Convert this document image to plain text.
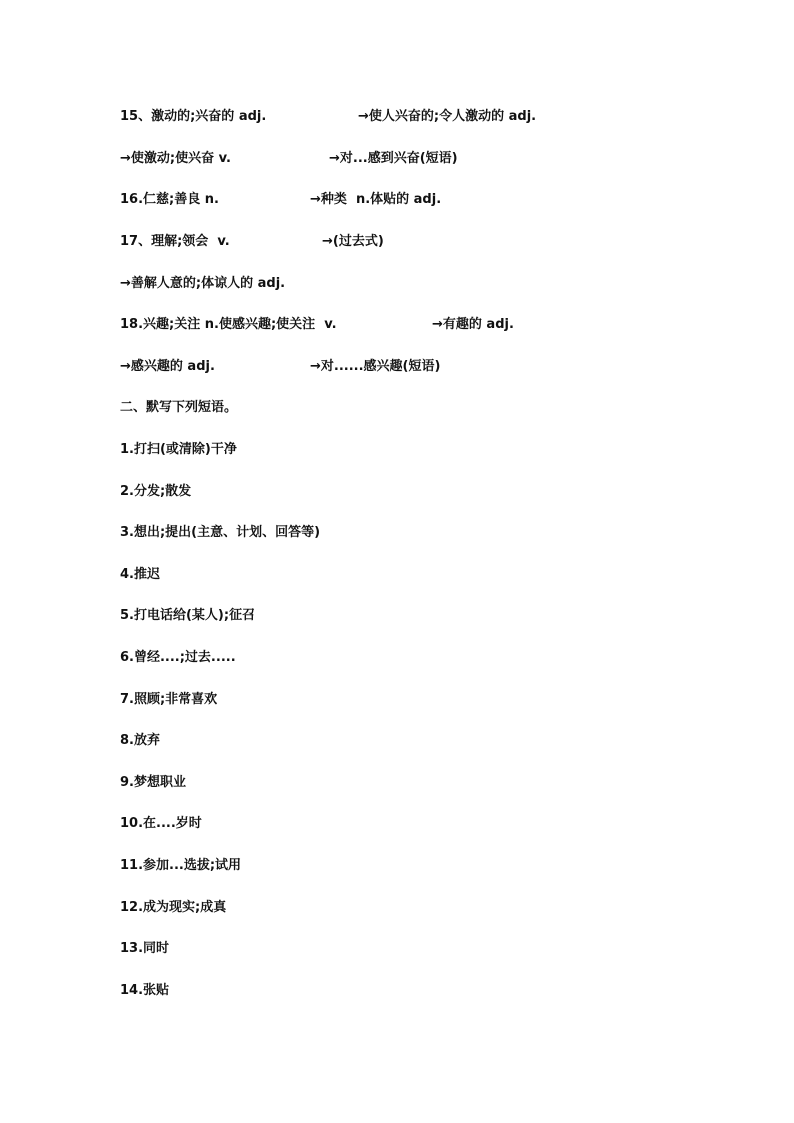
15、激动的;兴奋的 adj.

	→使人兴奋的;令人激动的 adj.

→使激动;使兴奋 v.

	→对...感到兴奋(短语)

16.仁慈;善良 n.

	→种类  n.体贴的 adj.

17、理解;领会  v.

	→(过去式)

→善解人意的;体谅人的 adj.

18.兴趣;关注 n.使感兴趣;使关注  v.

	→有趣的 adj.

→感兴趣的 adj.

	→对......感兴趣(短语)

二、默写下列短语。
1.打扫(或清除)干净
2.分发;散发
3.想出;提出(主意、计划、回答等)
4.推迟
5.打电话给(某人);征召
6.曾经....;过去.....
7.照顾;非常喜欢
8.放弃
9.梦想职业
10.在....岁时
11.参加...选拔;试用
12.成为现实;成真
13.同时
14.张贴
